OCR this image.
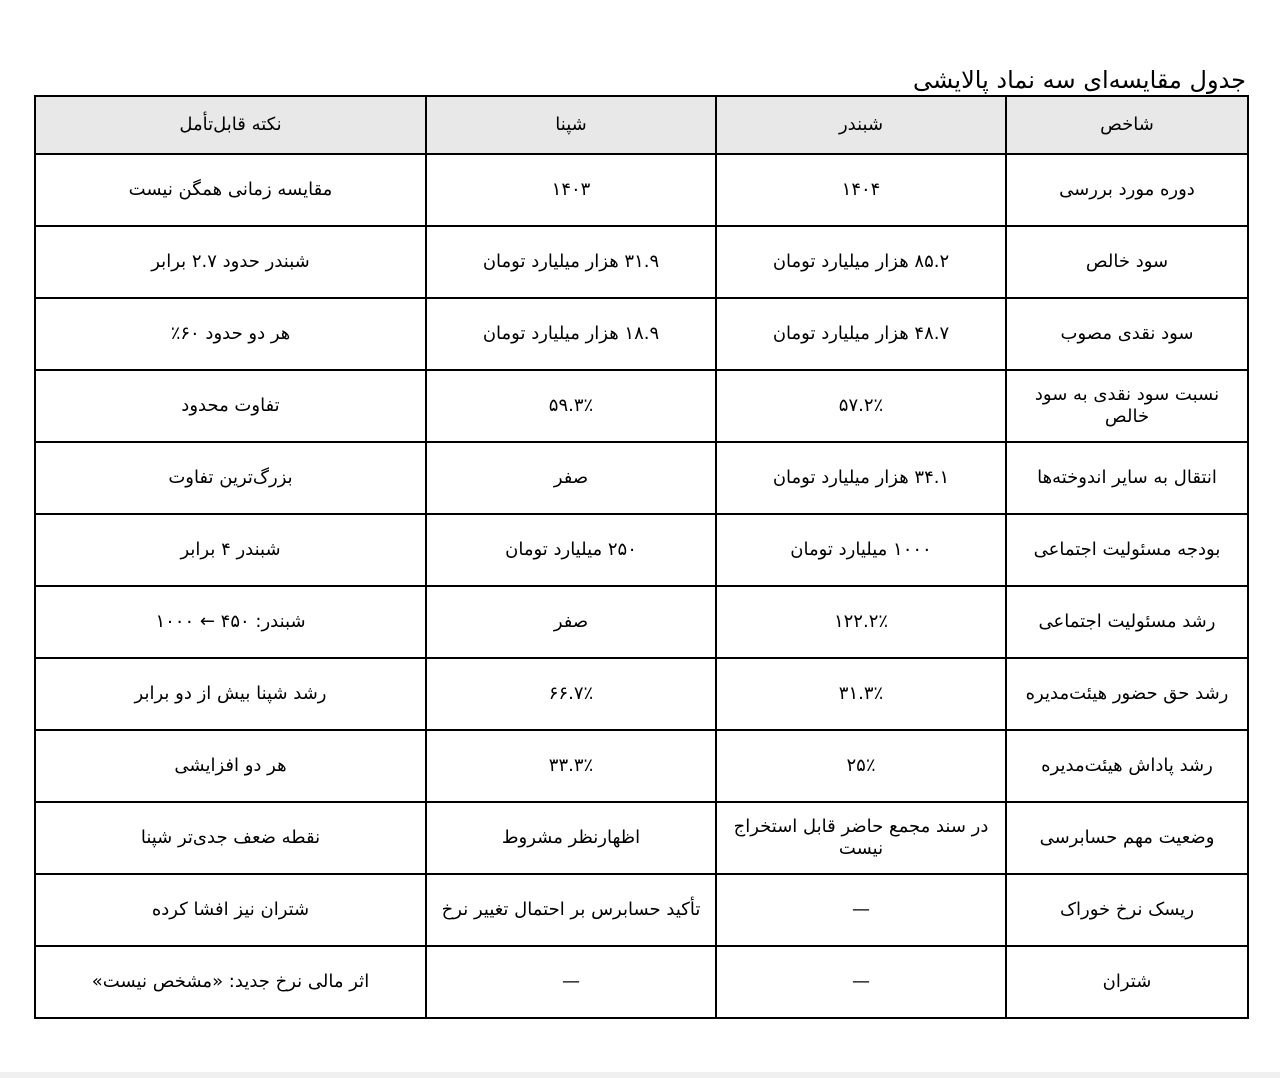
جدول مقایسه‌ای سه نماد پالایشی
شاخص	شبندر	شپنا	نکته قابل‌تأمل
دوره مورد بررسی	۱۴۰۴	۱۴۰۳	مقایسه زمانی همگن نیست
سود خالص	۸۵.۲ هزار میلیارد تومان	۳۱.۹ هزار میلیارد تومان	شبندر حدود ۲.۷ برابر
سود نقدی مصوب	۴۸.۷ هزار میلیارد تومان	۱۸.۹ هزار میلیارد تومان	هر دو حدود ۶۰٪
نسبت سود نقدی به سود خالص	۵۷.۲٪	۵۹.۳٪	تفاوت محدود
انتقال به سایر اندوخته‌ها	۳۴.۱ هزار میلیارد تومان	صفر	بزرگ‌ترین تفاوت
بودجه مسئولیت اجتماعی	۱۰۰۰ میلیارد تومان	۲۵۰ میلیارد تومان	شبندر ۴ برابر
رشد مسئولیت اجتماعی	۱۲۲.۲٪	صفر	شبندر: ۴۵۰ ← ۱۰۰۰
رشد حق حضور هیئت‌مدیره	۳۱.۳٪	۶۶.۷٪	رشد شپنا بیش از دو برابر
رشد پاداش هیئت‌مدیره	۲۵٪	۳۳.۳٪	هر دو افزایشی
وضعیت مهم حسابرسی	در سند مجمع حاضر قابل استخراج نیست	اظهارنظر مشروط	نقطه ضعف جدی‌تر شپنا
ریسک نرخ خوراک	—	تأکید حسابرس بر احتمال تغییر نرخ	شتران نیز افشا کرده
شتران	—	—	اثر مالی نرخ جدید: «مشخص نیست»
